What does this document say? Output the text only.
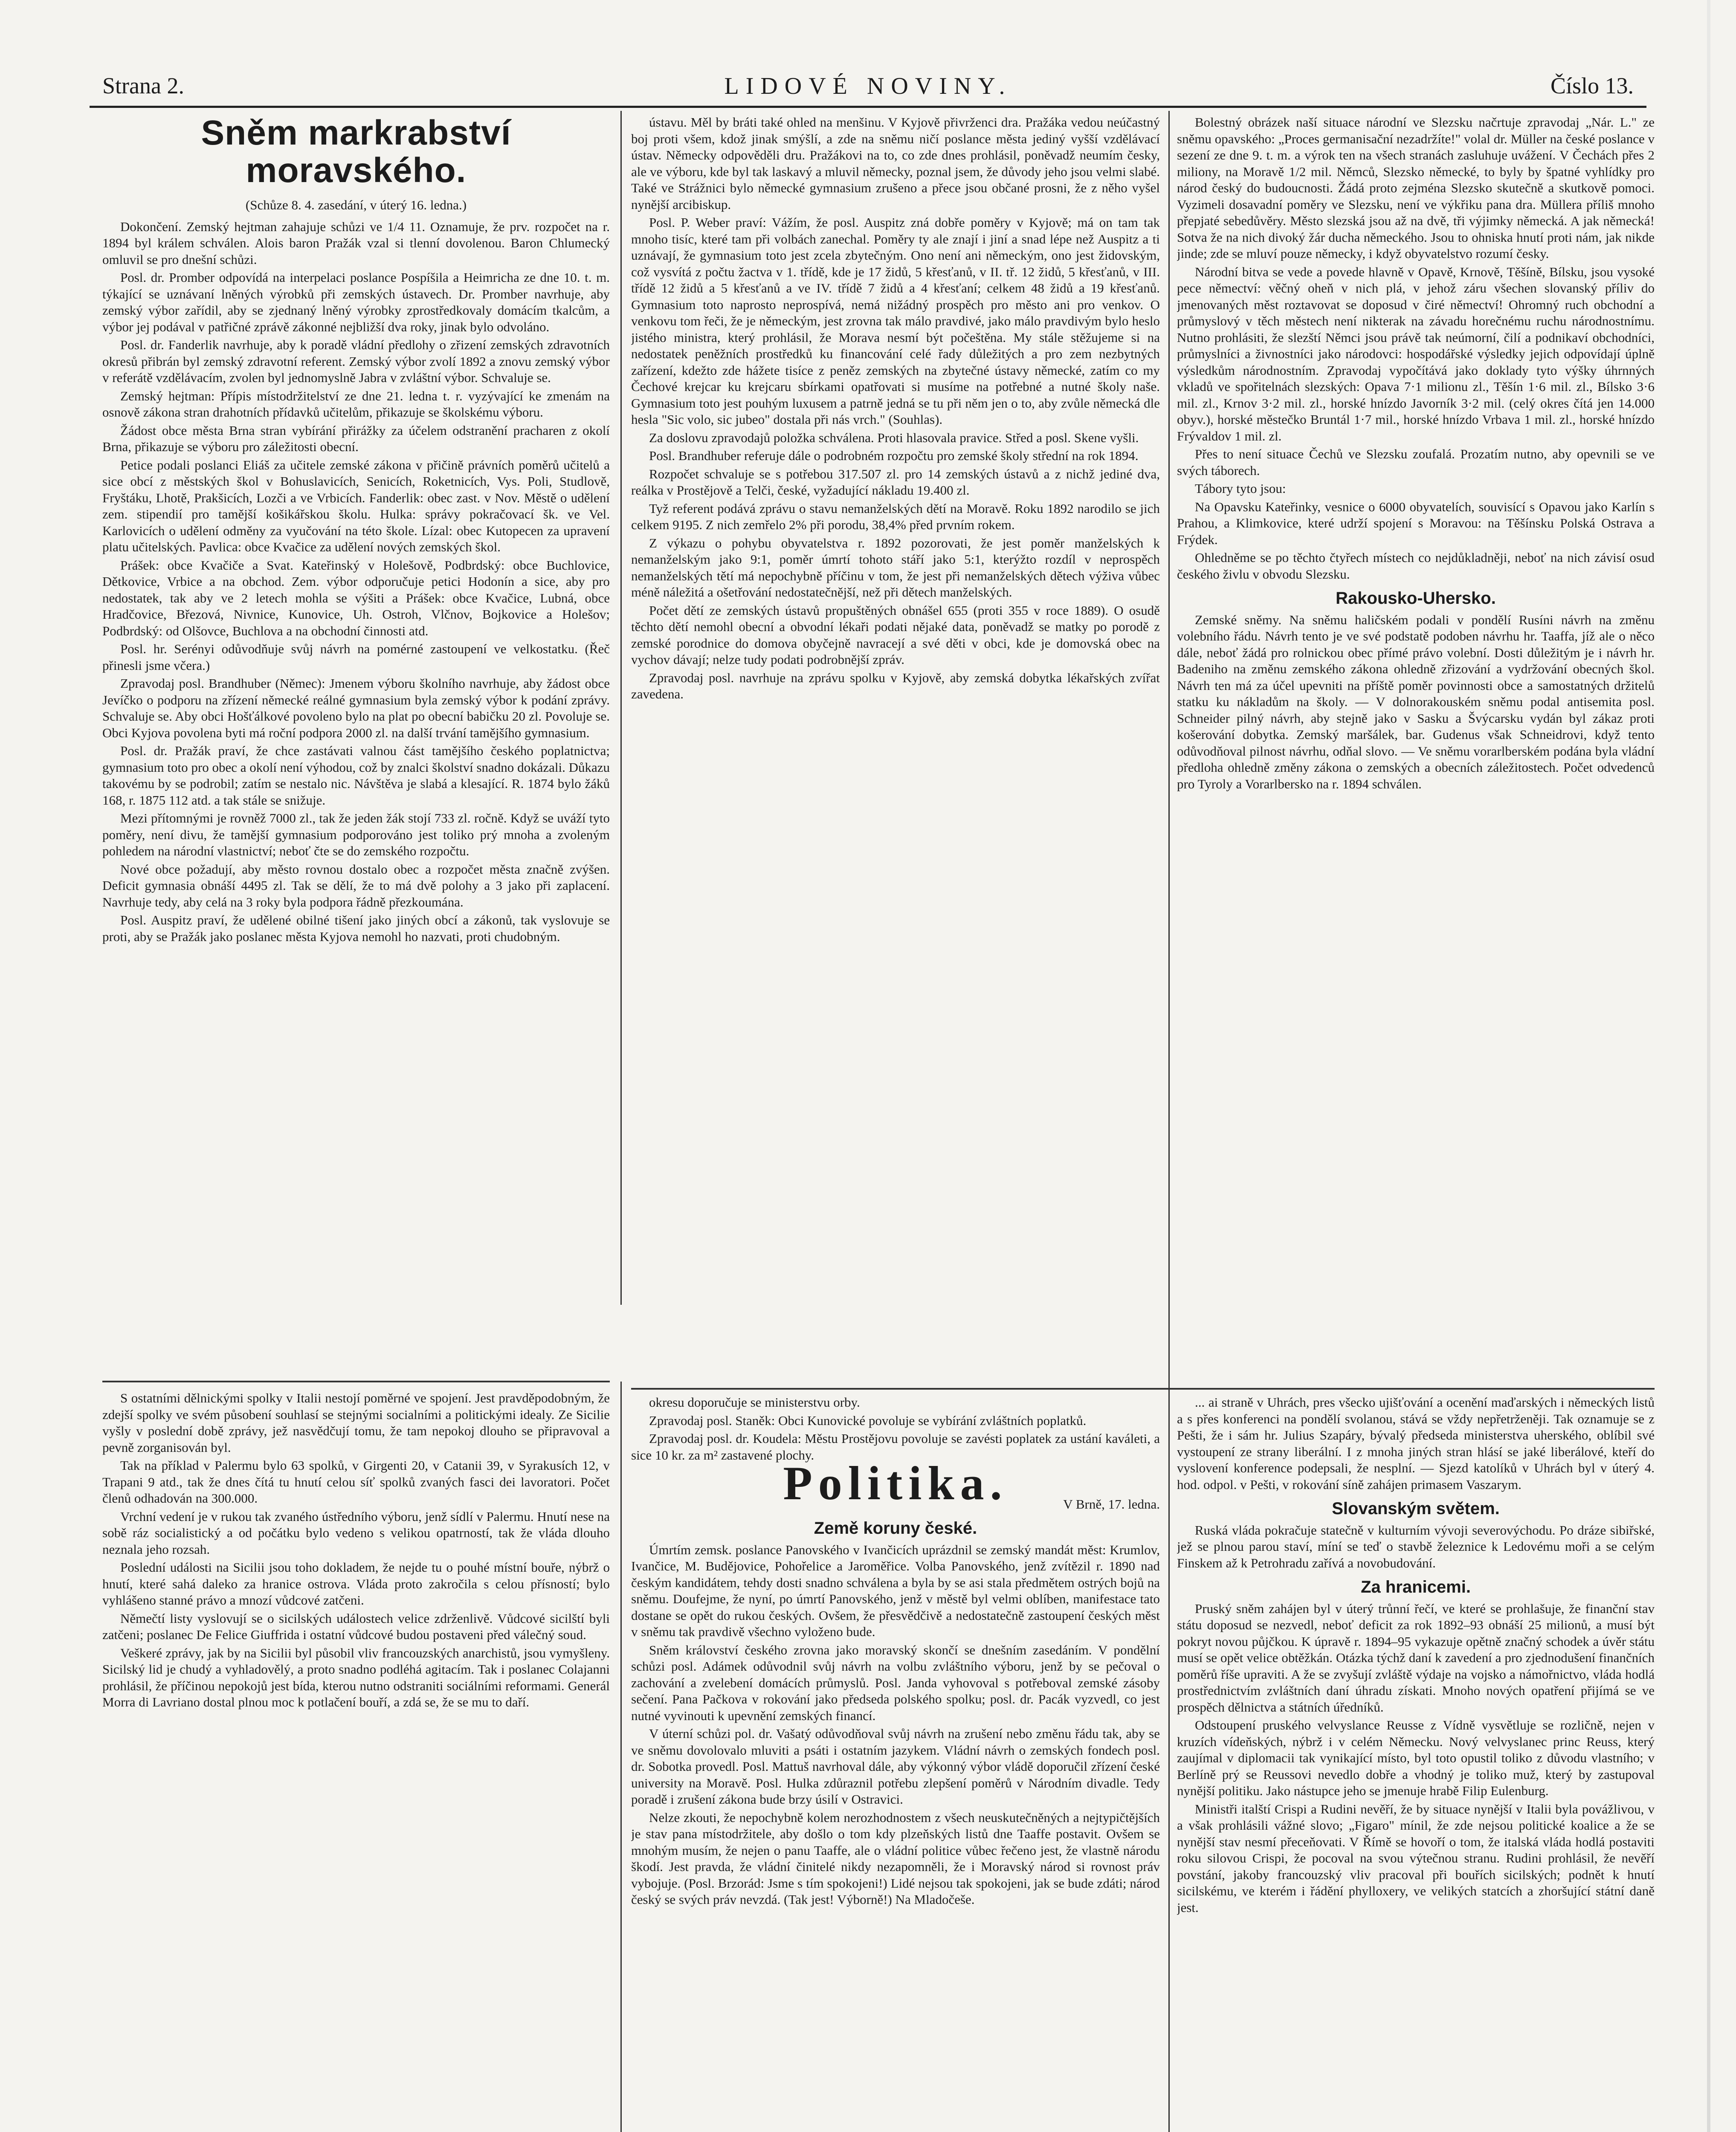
Strana 2.	LIDOVÉ NOVINY.	Číslo 13.
Sněm markrabství moravského.

(Schůze 8. 4. zasedání, v úterý 16. ledna.)

Dokončení. Zemský hejtman zahajuje schůzi ve 1/4 11. Oznamuje, že prv. rozpočet na r. 1894 byl králem schválen. Alois baron Pražák vzal si tlenní dovolenou. Baron Chlumecký omluvil se pro dnešní schůzi.

Posl. dr. Promber odpovídá na interpelaci poslance Pospíšila a Heimricha ze dne 10. t. m. týkající se uznávaní lněných výrobků při zemských ústavech. Dr. Promber navrhuje, aby zemský výbor zařídil, aby se zjednaný lněný výrobky zprostředkovaly domácím tkalcům, a výbor jej podával v patřičné zprávě zákonné nejbližší dva roky, jinak bylo odvoláno.

Posl. dr. Fanderlik navrhuje, aby k poradě vládní předlohy o zřizení zemských zdravotních okresů přibrán byl zemský zdravotní referent. Zemský výbor zvolí 1892 a znovu zemský výbor v referátě vzdělávacím, zvolen byl jednomyslně Jabra v zvláštní výbor. Schvaluje se.

Zemský hejtman: Přípis místodržitelství ze dne 21. ledna t. r. vyzývající ke zmenám na osnově zákona stran drahotních přídavků učitelům, přikazuje se školskému výboru.

Žádost obce města Brna stran vybírání přirážky za účelem odstranění pracharen z okolí Brna, přikazuje se výboru pro záležitosti obecní.

Petice podali poslanci Eliáš za učitele zemské zákona v přičině právních poměrů učitelů a sice obcí z městských škol v Bohuslavicích, Senicích, Roketnicích, Vys. Poli, Studlově, Fryštáku, Lhotě, Prakšicích, Lozči a ve Vrbicích. Fanderlik: obec zast. v Nov. Městě o udělení zem. stipendií pro tamější košikářskou školu. Hulka: správy pokračovací šk. ve Vel. Karlovicích o udělení odměny za vyučování na této škole. Lízal: obec Kutopecen za upravení platu učitelských. Pavlica: obce Kvačice za udělení nových zemských škol.

Prášek: obce Kvačiče a Svat. Kateřinský v Holešově, Podbrdský: obce Buchlovice, Dětkovice, Vrbice a na obchod. Zem. výbor odporučuje petici Hodonín a sice, aby pro nedostatek, tak aby ve 2 letech mohla se výšiti a Prášek: obce Kvačice, Lubná, obce Hradčovice, Březová, Nivnice, Kunovice, Uh. Ostroh, Vlčnov, Bojkovice a Holešov; Podbrdský: od Olšovce, Buchlova a na obchodní činnosti atd.

Posl. hr. Serényi odůvodňuje svůj návrh na pomérné zastoupení ve velkostatku. (Řeč přinesli jsme včera.)

Zpravodaj posl. Brandhuber (Němec): Jmenem výboru školního navrhuje, aby žádost obce Jevíčko o podporu na zřízení německé reálné gymnasium byla zemský výbor k podání zprávy. Schvaluje se. Aby obci Hošťálkové povoleno bylo na plat po obecní babičku 20 zl. Povoluje se. Obci Kyjova povolena byti má roční podpora 2000 zl. na další trvání tamějšího gymnasium.

Posl. dr. Pražák praví, že chce zastávati valnou část tamějšího českého poplatnictva; gymnasium toto pro obec a okolí není výhodou, což by znalci školství snadno dokázali. Důkazu takovému by se podrobil; zatím se nestalo nic. Návštěva je slabá a klesající. R. 1874 bylo žáků 168, r. 1875 112 atd. a tak stále se snižuje.

Mezi přítomnými je rovněž 7000 zl., tak že jeden žák stojí 733 zl. ročně. Když se uváží tyto poměry, není divu, že tamější gymnasium podporováno jest toliko prý mnoha a zvoleným pohledem na národní vlastnictví; neboť čte se do zemského rozpočtu.

Nové obce požadují, aby město rovnou dostalo obec a rozpočet města značně zvýšen. Deficit gymnasia obnáší 4495 zl. Tak se dělí, že to má dvě polohy a 3 jako při zaplacení. Navrhuje tedy, aby celá na 3 roky byla podpora řádně přezkoumána.

Posl. Auspitz praví, že udělené obilné tišení jako jiných obcí a zákonů, tak vyslovuje se proti, aby se Pražák jako poslanec města Kyjova nemohl ho nazvati, proti chudobným.

S ostatními dělnickými spolky v Italii nestojí poměrné ve spojení. Jest pravděpodobným, že zdejší spolky ve svém působení souhlasí se stejnými socialními a politickými idealy. Ze Sicilie vyšly v poslední době zprávy, jež nasvědčují tomu, že tam nepokoj dlouho se připravoval a pevně zorganisován byl.

Tak na příklad v Palermu bylo 63 spolků, v Girgenti 20, v Catanii 39, v Syrakusích 12, v Trapani 9 atd., tak že dnes čítá tu hnutí celou síť spolků zvaných fasci dei lavoratori. Počet členů odhadován na 300.000.

Vrchní vedení je v rukou tak zvaného ústředního výboru, jenž sídlí v Palermu. Hnutí nese na sobě ráz socialistický a od počátku bylo vedeno s velikou opatrností, tak že vláda dlouho neznala jeho rozsah.

Poslední události na Sicilii jsou toho dokladem, že nejde tu o pouhé místní bouře, nýbrž o hnutí, které sahá daleko za hranice ostrova. Vláda proto zakročila s celou přísností; bylo vyhlášeno stanné právo a mnozí vůdcové zatčeni.

Němečtí listy vyslovují se o sicilských událostech velice zdrženlivě. Vůdcové sicilští byli zatčeni; poslanec De Felice Giuffrida i ostatní vůdcové budou postaveni před válečný soud.

Veškeré zprávy, jak by na Sicilii byl působil vliv francouzských anarchistů, jsou vymyšleny. Sicilský lid je chudý a vyhladovělý, a proto snadno podléhá agitacím. Tak i poslanec Colajanni prohlásil, že příčinou nepokojů jest bída, kterou nutno odstraniti sociálními reformami. Generál Morra di Lavriano dostal plnou moc k potlačení bouří, a zdá se, že se mu to daří.

ústavu. Měl by bráti také ohled na menšinu. V Kyjově přivrženci dra. Pražáka vedou neúčastný boj proti všem, kdož jinak smýšlí, a zde na sněmu ničí poslance města jediný vyšší vzdělávací ústav. Německy odpověděli dru. Pražákovi na to, co zde dnes prohlásil, poněvadž neumím česky, ale ve výboru, kde byl tak laskavý a mluvil německy, poznal jsem, že důvody jeho jsou velmi slabé. Také ve Strážnici bylo německé gymnasium zrušeno a přece jsou občané prosni, že z něho vyšel nynější arcibiskup.

Posl. P. Weber praví: Vážím, že posl. Auspitz zná dobře poměry v Kyjově; má on tam tak mnoho tisíc, které tam při volbách zanechal. Poměry ty ale znají i jiní a snad lépe než Auspitz a ti uznávají, že gymnasium toto jest zcela zbytečným. Ono není ani německým, ono jest židovským, což vysvítá z počtu žactva v 1. třídě, kde je 17 židů, 5 křesťanů, v II. tř. 12 židů, 5 křesťanů, v III. třídě 12 židů a 5 křesťanů a ve IV. třídě 7 židů a 4 křesťaní; celkem 48 židů a 19 křesťanů. Gymnasium toto naprosto neprospívá, nemá nižádný prospěch pro město ani pro venkov. O venkovu tom řeči, že je německým, jest zrovna tak málo pravdivé, jako málo pravdivým bylo heslo jistého ministra, který prohlásil, že Morava nesmí být počeštěna. My stále stěžujeme si na nedostatek peněžních prostředků ku financování celé řady důležitých a pro zem nezbytných zařízení, kdežto zde hážete tisíce z peněz zemských na zbytečné ústavy německé, zatím co my Čechové krejcar ku krejcaru sbírkami opatřovati si musíme na potřebné a nutné školy naše. Gymnasium toto jest pouhým luxusem a patrně jedná se tu při něm jen o to, aby zvůle německá dle hesla "Sic volo, sic jubeo" dostala při nás vrch." (Souhlas).

Za doslovu zpravodajů položka schválena. Proti hlasovala pravice. Střed a posl. Skene vyšli.

Posl. Brandhuber referuje dále o podrobném rozpočtu pro zemské školy střední na rok 1894.

Rozpočet schvaluje se s potřebou 317.507 zl. pro 14 zemských ústavů a z nichž jediné dva, reálka v Prostějově a Telči, české, vyžadující nákladu 19.400 zl.

Tyž referent podává zprávu o stavu nemanželských dětí na Moravě. Roku 1892 narodilo se jich celkem 9195. Z nich zemřelo 2% při porodu, 38,4% před prvním rokem.

Z výkazu o pohybu obyvatelstva r. 1892 pozorovati, že jest poměr manželských k nemanželským jako 9:1, poměr úmrtí tohoto stáří jako 5:1, kterýžto rozdíl v neprospěch nemanželských tětí má nepochybně příčinu v tom, že jest při nemanželských dětech výživa vůbec méně náležitá a ošetřování nedostatečnější, než při dětech manželských.

Počet dětí ze zemských ústavů propuštěných obnášel 655 (proti 355 v roce 1889). O osudě těchto dětí nemohl obecní a obvodní lékaři podati nějaké data, poněvadž se matky po porodě z zemské porodnice do domova obyčejně navracejí a své děti v obci, kde je domovská obec na vychov dávají; nelze tudy podati podrobnější zpráv.

Zpravodaj posl. navrhuje na zprávu spolku v Kyjově, aby zemská dobytka lékařských zvířat zavedena.

okresu doporučuje se ministerstvu orby.

Zpravodaj posl. Staněk: Obci Kunovické povoluje se vybírání zvláštních poplatků.

Zpravodaj posl. dr. Koudela: Městu Prostějovu povoluje se zavésti poplatek za ustání kaváleti, a sice 10 kr. za m² zastavené plochy.

Politika.	V Brně, 17. ledna.

Země koruny české.

Úmrtím zemsk. poslance Panovského v Ivančicích uprázdnil se zemský mandát měst: Krumlov, Ivančice, M. Budějovice, Pohořelice a Jaroměřice. Volba Panovského, jenž zvítězil r. 1890 nad českým kandidátem, tehdy dosti snadno schválena a byla by se asi stala předmětem ostrých bojů na sněmu. Doufejme, že nyní, po úmrtí Panovského, jenž v městě byl velmi oblíben, manifestace tato dostane se opět do rukou českých. Ovšem, že přesvědčivě a nedostatečně zastoupení českých měst v sněmu tak pravdivě všechno vyloženo bude.

Sněm království českého zrovna jako moravský skončí se dnešním zasedáním. V pondělní schůzi posl. Adámek odůvodnil svůj návrh na volbu zvláštního výboru, jenž by se pečoval o zachování a zvelebení domácích průmyslů. Posl. Janda vyhovoval s potřeboval zemské zásoby sečení. Pana Pačkova v rokování jako předseda polského spolku; posl. dr. Pacák vyzvedl, co jest nutné vyvinouti k upevnění zemských financí.

V úterní schůzi pol. dr. Vašatý odůvodňoval svůj návrh na zrušení nebo změnu řádu tak, aby se ve sněmu dovolovalo mluviti a psáti i ostatním jazykem. Vládní návrh o zemských fondech posl. dr. Sobotka provedl. Posl. Mattuš navrhoval dále, aby výkonný výbor vládě doporučil zřízení české university na Moravě. Posl. Hulka zdůraznil potřebu zlepšení poměrů v Národním divadle. Tedy poradě i zrušení zákona bude brzy úsilí v Ostravici.

Nelze zkouti, že nepochybně kolem nerozhodnostem z všech neuskutečněných a nejtypičtějších je stav pana místodržitele, aby došlo o tom kdy plzeňských listů dne Taaffe postavit. Ovšem se mnohým musím, že nejen o panu Taaffe, ale o vládní politice vůbec řečeno jest, že vlastně národu škodí. Jest pravda, že vládní činitelé nikdy nezapomněli, že i Moravský národ si rovnost práv vybojuje. (Posl. Brzorád: Jsme s tím spokojeni!) Lidé nejsou tak spokojeni, jak se bude zdáti; národ český se svých práv nevzdá. (Tak jest! Výborně!) Na Mladočeše.

Bolestný obrázek naší situace národní ve Slezsku načrtuje zpravodaj „Nár. L." ze sněmu opavského: „Proces germanisační nezadržíte!" volal dr. Müller na české poslance v sezení ze dne 9. t. m. a výrok ten na všech stranách zasluhuje uvážení. V Čechách přes 2 miliony, na Moravě 1/2 mil. Němců, Slezsko německé, to byly by špatné vyhlídky pro národ český do budoucnosti. Žádá proto zejména Slezsko skutečně a skutkově pomoci. Vyzimeli dosavadní poměry ve Slezsku, není ve výkřiku pana dra. Müllera příliš mnoho přepjaté sebedůvěry. Město slezská jsou až na dvě, tři výjimky německá. A jak německá! Sotva že na nich divoký žár ducha německého. Jsou to ohniska hnutí proti nám, jak nikde jinde; zde se mluví pouze německy, i když obyvatelstvo rozumí česky.

Národní bitva se vede a povede hlavně v Opavě, Krnově, Těšíně, Bílsku, jsou vysoké pece němectví: věčný oheň v nich plá, v jehož záru všechen slovanský příliv do jmenovaných měst roztavovat se doposud v čiré němectví! Ohromný ruch obchodní a průmyslový v těch městech není nikterak na závadu horečnému ruchu národnostnímu. Nutno prohlásiti, že slezští Němci jsou právě tak neúmorní, čilí a podnikaví obchodníci, průmyslníci a živnostníci jako národovci: hospodářské výsledky jejich odpovídají úplně výsledkům národnostním. Zpravodaj vypočítává jako doklady tyto výšky úhrnných vkladů ve spořitelnách slezských: Opava 7·1 milionu zl., Těšín 1·6 mil. zl., Bílsko 3·6 mil. zl., Krnov 3·2 mil. zl., horské hnízdo Javorník 3·2 mil. (celý okres čítá jen 14.000 obyv.), horské městečko Bruntál 1·7 mil., horské hnízdo Vrbava 1 mil. zl., horské hnízdo Frývaldov 1 mil. zl.

Přes to není situace Čechů ve Slezsku zoufalá. Prozatím nutno, aby opevnili se ve svých táborech.

Tábory tyto jsou:

Na Opavsku Kateřinky, vesnice o 6000 obyvatelích, souvisící s Opavou jako Karlín s Prahou, a Klimkovice, které udrží spojení s Moravou: na Těšínsku Polská Ostrava a Frýdek.

Ohledněme se po těchto čtyřech místech co nejdůkladněji, neboť na nich závisí osud českého živlu v obvodu Slezsku.

Rakousko-Uhersko.

Zemské sněmy. Na sněmu haličském podali v pondělí Rusíni návrh na změnu volebního řádu. Návrh tento je ve své podstatě podoben návrhu hr. Taaffa, jíž ale o něco dále, neboť žádá pro rolnickou obec přímé právo volební. Dosti důležitým je i návrh hr. Badeniho na změnu zemského zákona ohledně zřizování a vydržování obecných škol. Návrh ten má za účel upevniti na příště poměr povinnosti obce a samostatných držitelů statku ku nákladům na školy. — V dolnorakouském sněmu podal antisemita posl. Schneider pilný návrh, aby stejně jako v Sasku a Švýcarsku vydán byl zákaz proti košerování dobytka. Zemský maršálek, bar. Gudenus však Schneidrovi, když tento odůvodňoval pilnost návrhu, odňal slovo. — Ve sněmu vorarlberském podána byla vládní předloha ohledně změny zákona o zemských a obecních záležitostech. Počet odvedenců pro Tyroly a Vorarlbersko na r. 1894 schválen.

... ai straně v Uhrách, pres všecko ujišťování a ocenění maďarských i německých listů a s přes konferenci na pondělí svolanou, stává se vždy nepřetrženěji. Tak oznamuje se z Pešti, že i sám hr. Julius Szapáry, bývalý předseda ministerstva uherského, oblíbil své vystoupení ze strany liberální. I z mnoha jiných stran hlásí se jaké liberálové, kteří do vyslovení konference podepsali, že nesplní. — Sjezd katolíků v Uhrách byl v úterý 4. hod. odpol. v Pešti, v rokování síně zahájen primasem Vaszarym.

Slovanským světem.

Ruská vláda pokračuje statečně v kulturním vývoji severovýchodu. Po dráze sibiřské, jež se plnou parou staví, míní se teď o stavbě železnice k Ledovému moři a se celým Finskem až k Petrohradu zařívá a novobudování.

Za hranicemi.

Pruský sněm zahájen byl v úterý trůnní řečí, ve které se prohlašuje, že finanční stav státu doposud se nezvedl, neboť deficit za rok 1892–93 obnáší 25 milionů, a musí být pokryt novou půjčkou. K úpravě r. 1894–95 vykazuje opětně značný schodek a úvěr státu musí se opět velice obtěžkán. Otázka týchž daní k zavedení a pro zjednodušení finančních poměrů říše upraviti. A že se zvyšují zvláště výdaje na vojsko a námořnictvo, vláda hodlá prostřednictvím zvláštních daní úhradu získati. Mnoho nových opatření přijímá se ve prospěch dělnictva a státních úředníků.

Odstoupení pruského velvyslance Reusse z Vídně vysvětluje se rozličně, nejen v kruzích vídeňských, nýbrž i v celém Německu. Nový velvyslanec princ Reuss, který zaujímal v diplomacii tak vynikající místo, byl toto opustil toliko z důvodu vlastního; v Berlíně prý se Reussovi nevedlo dobře a vhodný je toliko muž, který by zastupoval nynější politiku. Jako nástupce jeho se jmenuje hrabě Filip Eulenburg.

Ministři italští Crispi a Rudini nevěří, že by situace nynější v Italii byla povážlivou, v a však prohlásili vážné slovo; „Figaro" mínil, že zde nejsou politické koalice a že se nynější stav nesmí přeceňovati. V Římě se hovoří o tom, že italská vláda hodlá postaviti roku silovou Crispi, že pocoval na svou výtečnou stranu. Rudini prohlásil, že nevěří povstání, jakoby francouzský vliv pracoval při bouřích sicilských; podnět k hnutí sicilskému, ve kterém i řádění phylloxery, ve velikých statcích a zhoršující státní daně jest.
